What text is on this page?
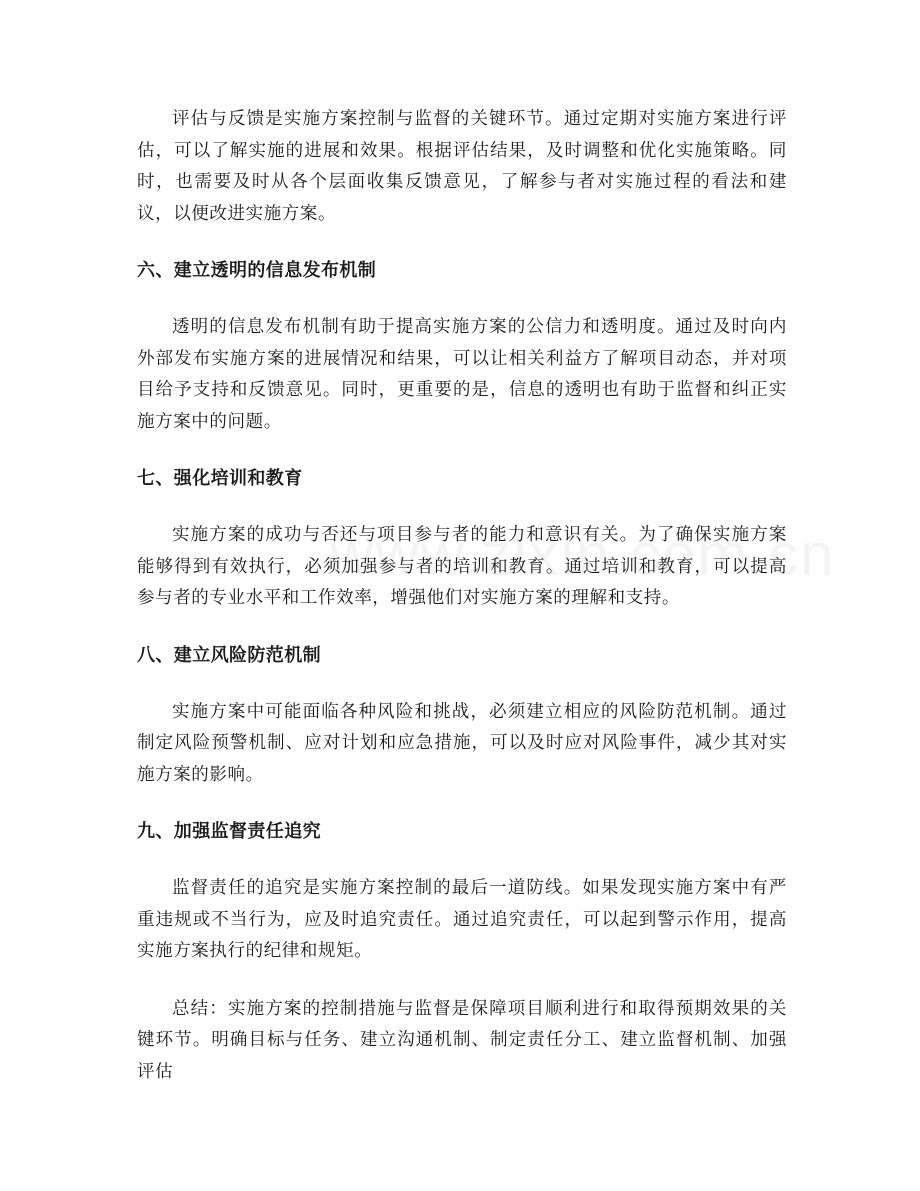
评估与反馈是实施方案控制与监督的关键环节。通过定期对实施方案进行评估，可以了解实施的进展和效果。根据评估结果，及时调整和优化实施策略。同时，也需要及时从各个层面收集反馈意见，了解参与者对实施过程的看法和建议，以便改进实施方案。

六、建立透明的信息发布机制

透明的信息发布机制有助于提高实施方案的公信力和透明度。通过及时向内外部发布实施方案的进展情况和结果，可以让相关利益方了解项目动态，并对项目给予支持和反馈意见。同时，更重要的是，信息的透明也有助于监督和纠正实施方案中的问题。

七、强化培训和教育

实施方案的成功与否还与项目参与者的能力和意识有关。为了确保实施方案能够得到有效执行，必须加强参与者的培训和教育。通过培训和教育，可以提高参与者的专业水平和工作效率，增强他们对实施方案的理解和支持。

八、建立风险防范机制

实施方案中可能面临各种风险和挑战，必须建立相应的风险防范机制。通过制定风险预警机制、应对计划和应急措施，可以及时应对风险事件，减少其对实施方案的影响。

九、加强监督责任追究

监督责任的追究是实施方案控制的最后一道防线。如果发现实施方案中有严重违规或不当行为，应及时追究责任。通过追究责任，可以起到警示作用，提高实施方案执行的纪律和规矩。

总结：实施方案的控制措施与监督是保障项目顺利进行和取得预期效果的关键环节。明确目标与任务、建立沟通机制、制定责任分工、建立监督机制、加强评估
